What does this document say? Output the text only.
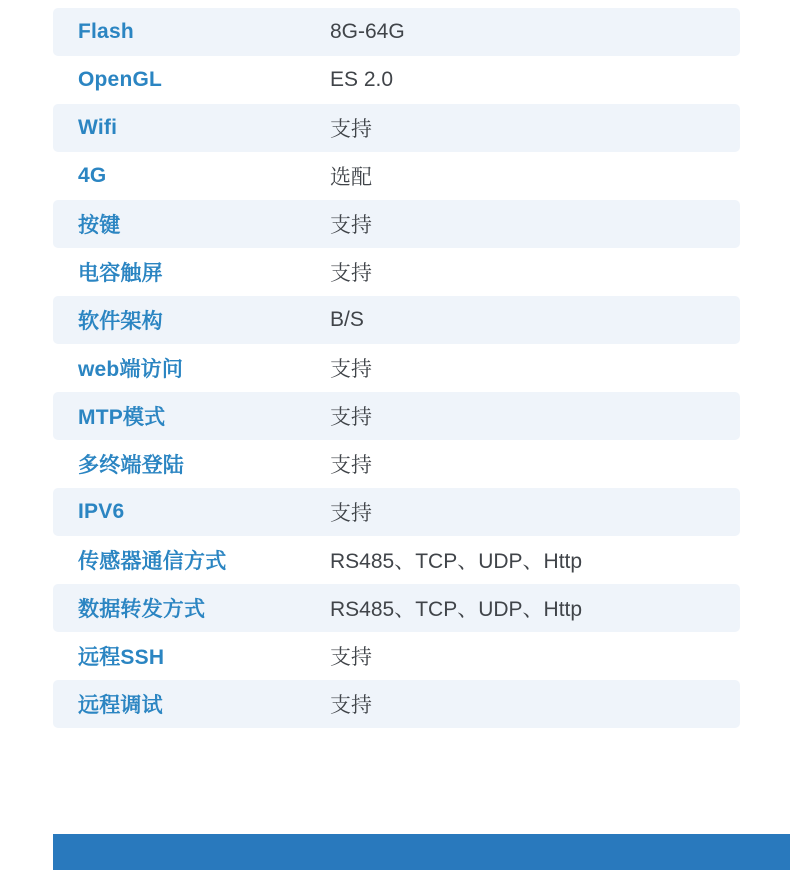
Flash	8G-64G
OpenGL	ES 2.0
Wifi	支持
4G	选配
按键	支持
电容触屏	支持
软件架构	B/S
web端访问	支持
MTP模式	支持
多终端登陆	支持
IPV6	支持
传感器通信方式	RS485、TCP、UDP、Http
数据转发方式	RS485、TCP、UDP、Http
远程SSH	支持
远程调试	支持
